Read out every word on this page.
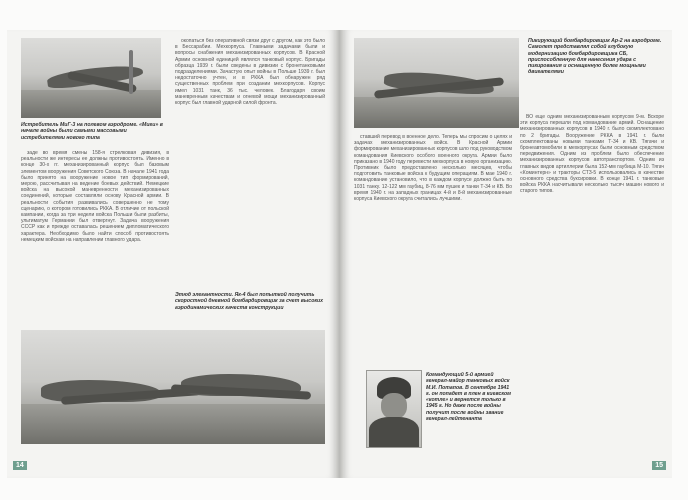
Истребитель МиГ-3 на полевом аэродроме. «Миги» в начале войны были самыми массовыми истребителями нового типа

заде во время смены 158-я стрелковая дивизия, в реальности же интересы ее должны противостоять. Именно в конце 30-х гг. механизированный корпус был базовым элементом вооружения Советского Союза. В начале 1941 года было принято на вооружение новое тип формирований, мерою, рассчитывая на ведение боевых действий. Немецкие войска на высокой маневренности механизированных соединений, которые составляли основу Красной армии. В реальности события развивались совершенно не тому сценарию, о котором готовились РККА. В отличие от польской кампании, когда за три недели войска Польши были разбиты, ультиматум Германии был отвергнут. Задача вооружения СССР как и прежде оставалась решением дипломатического характера. Необходимо было найти способ противостоять немецким войскам на направлении главного удара.

окопаться без оперативной связи друг с другом, как это было в Бессарабии. Мехкорпуса. Главными задачами были и вопросы снабжения механизированных корпусов. В Красной Армии основной единицей являлся танковый корпус. Бригады образца 1939 г. были сведены в дивизии с бронетанковыми подразделениями. Зачастую опыт войны в Польше 1939 г. был недостаточно учтен, и в РККА был обнаружен ряд существенных проблем при создании мехкорпусов. Корпус имел 1031 танк, 36 тыс. человек. Благодаря своим маневренным качествам и огневой мощи механизированный корпус был главной ударной силой фронта.

Этюд элегантности. Як-4 был попыткой получить скоростной дневной бомбардировщик за счет высоких аэродинамических качеств конструкции
14
Пикирующий бомбардировщик Ар-2 на аэродроме. Самолет представлял собой глубокую модернизацию бомбардировщика СБ, приспособленную для нанесения удара с пикирования и оснащенную более мощными двигателями

ставший перевод в военное дело. Теперь мы спросим о целях и задачах механизированных войск. В Красной Армии формирование механизированных корпусов шло под руководством командования Киевского особого военного округа. Армии было приказано в 1940 году перевести мехкорпуса в новую организацию. Противник было предоставлено несколько месяцев, чтобы подготовить танковые войска к будущим операциям. В мае 1940 г. командование установило, что в каждом корпусе должно быть по 1031 танку. 12-122 мм гаубиц, 8-76 мм пушек и танки Т-34 и КВ. Во время 1940 г. на западных границах 4-й и 8-й механизированные корпуса Киевского округа считались лучшими.

ВО еще одним механизированным корпусом 9-м. Вскоре эти корпуса перешли под командование армий. Оснащение механизированных корпусов в 1940 г. было скомплектовано по 2 бригады. Вооружение РККА в 1941 г. были скомплектованы новыми танками Т-34 и КВ. Тягачи и бронеавтомобили в мехкорпусах были основным средством передвижения. Одним из проблем было обеспечение механизированных корпусов автотранспортом. Одним из главных видов артиллерии была 152-мм гаубица М-10. Тягач «Коминтерн» и тракторы СТЗ-5 использовались в качестве основного средства буксировки. В конце 1941 г. танковые войска РККА насчитывали несколько тысяч машин нового и старого типов.

Командующий 5-й армией генерал-майор танковых войск М.И. Потапов. В сентябре 1941 г. он попадет в плен в киевском «котле» и вернется только в 1945 г. Но даже после войны получит после войны звание генерал-лейтенанта
15
